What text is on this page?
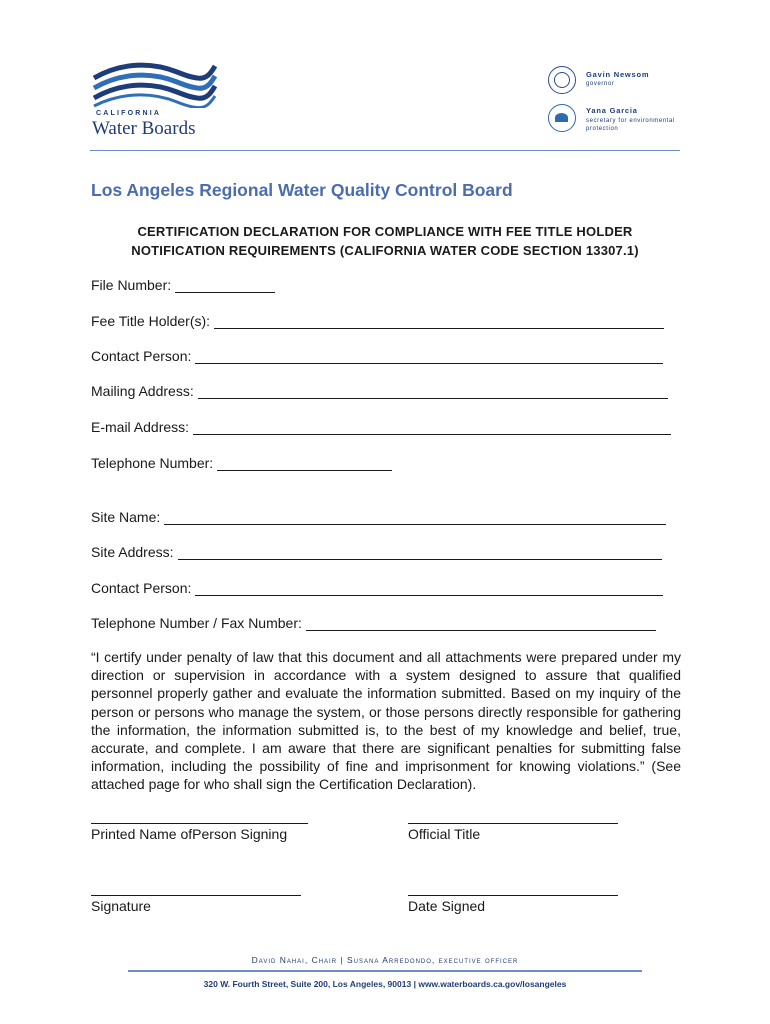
CALIFORNIA
Water Boards
Gavin Newsom
governor
Yana Garcia
secretary for environmental protection
Los Angeles Regional Water Quality Control Board
CERTIFICATION DECLARATION FOR COMPLIANCE WITH FEE TITLE HOLDER
NOTIFICATION REQUIREMENTS (CALIFORNIA WATER CODE SECTION 13307.1)
File Number:
Fee Title Holder(s):
Contact Person:
Mailing Address:
E-mail Address:
Telephone Number:
Site Name:
Site Address:
Contact Person:
Telephone Number / Fax Number:
“I certify under penalty of law that this document and all attachments were prepared under my direction or supervision in accordance with a system designed to assure that qualified personnel properly gather and evaluate the information submitted. Based on my inquiry of the person or persons who manage the system, or those persons directly responsible for gathering the information, the information submitted is, to the best of my knowledge and belief, true, accurate, and complete. I am aware that there are significant penalties for submitting false information, including the possibility of fine and imprisonment for knowing violations.” (See attached page for who shall sign the Certification Declaration).
Printed Name ofPerson Signing	Official Title
Signature	Date Signed
David Nahai, Chair | Susana Arredondo, executive officer
320 W. Fourth Street, Suite 200, Los Angeles, 90013 | www.waterboards.ca.gov/losangeles
